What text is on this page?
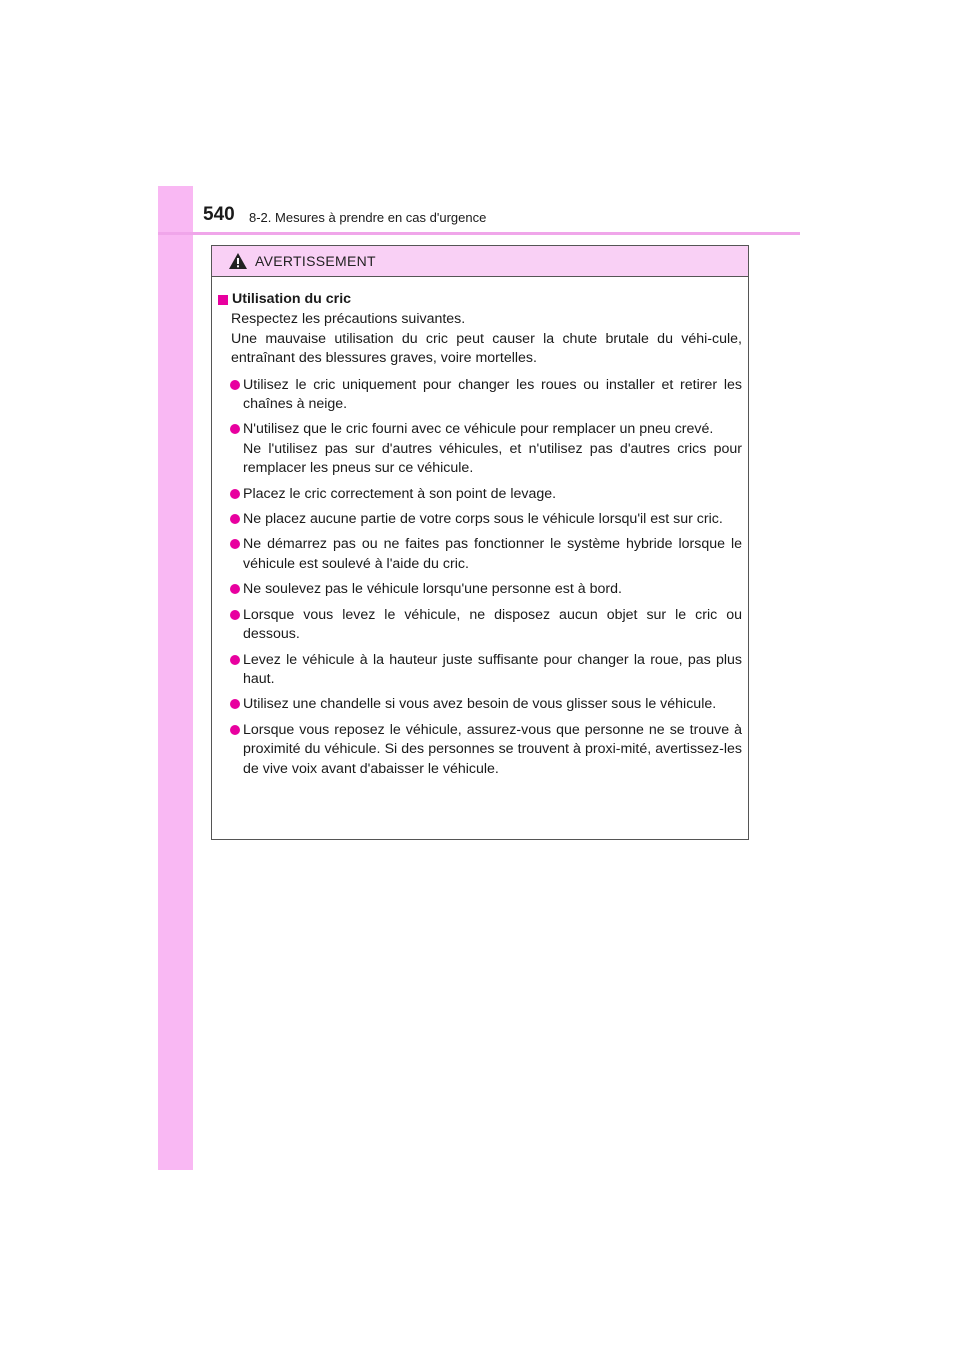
540 8-2. Mesures à prendre en cas d'urgence
AVERTISSEMENT
Utilisation du cric

Respectez les précautions suivantes.

Une mauvaise utilisation du cric peut causer la chute brutale du véhi-cule, entraînant des blessures graves, voire mortelles.

Utilisez le cric uniquement pour changer les roues ou installer et retirer les chaînes à neige.

N'utilisez que le cric fourni avec ce véhicule pour remplacer un pneu crevé.

Ne l'utilisez pas sur d'autres véhicules, et n'utilisez pas d'autres crics pour remplacer les pneus sur ce véhicule.

Placez le cric correctement à son point de levage.

Ne placez aucune partie de votre corps sous le véhicule lorsqu'il est sur cric.

Ne démarrez pas ou ne faites pas fonctionner le système hybride lorsque le véhicule est soulevé à l'aide du cric.

Ne soulevez pas le véhicule lorsqu'une personne est à bord.

Lorsque vous levez le véhicule, ne disposez aucun objet sur le cric ou dessous.

Levez le véhicule à la hauteur juste suffisante pour changer la roue, pas plus haut.

Utilisez une chandelle si vous avez besoin de vous glisser sous le véhicule.

Lorsque vous reposez le véhicule, assurez-vous que personne ne se trouve à proximité du véhicule. Si des personnes se trouvent à proxi-mité, avertissez-les de vive voix avant d'abaisser le véhicule.
